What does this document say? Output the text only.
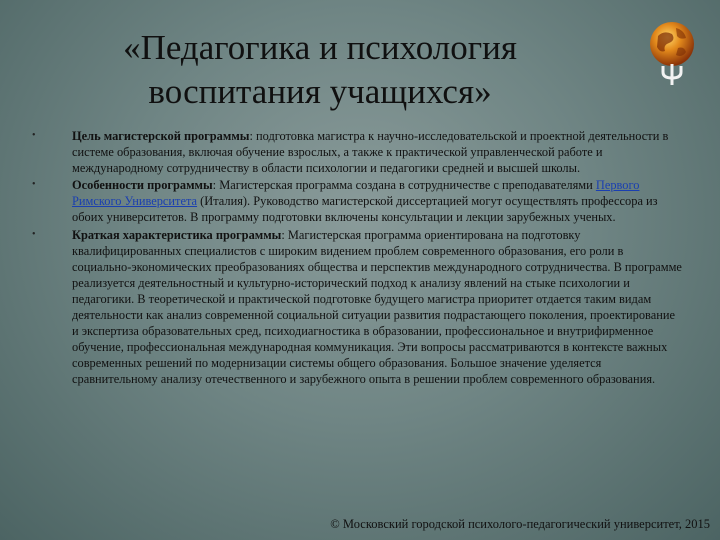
«Педагогика и психология воспитания учащихся»
•	Цель магистерской программы: подготовка магистра к научно-исследовательской и проектной деятельности в системе образования, включая обучение взрослых, а также к практической управленческой работе и международному сотрудничеству в области психологии и педагогики средней и высшей школы.
•	Особенности программы: Магистерская программа создана в сотрудничестве с преподавателями Первого Римского Университета (Италия). Руководство магистерской диссертацией могут осуществлять профессора из обоих университетов. В программу подготовки включены консультации и лекции зарубежных ученых.
•	Краткая характеристика программы: Магистерская программа ориентирована на подготовку квалифицированных специалистов с широким видением проблем современного образования, его роли в социально-экономических преобразованиях общества и перспектив международного сотрудничества. В программе реализуется деятельностный и культурно-исторический подход к анализу явлений на стыке психологии и педагогики. В теоретической и практической подготовке будущего магистра приоритет отдается таким видам деятельности как анализ современной социальной ситуации развития подрастающего поколения, проектирование и экспертиза образовательных сред, психодиагностика в образовании, профессиональное и внутрифирменное обучение, профессиональная международная коммуникация. Эти вопросы рассматриваются в контексте важных современных решений по модернизации системы общего образования. Большое значение уделяется сравнительному анализу отечественного и зарубежного опыта в решении проблем современного образования.
© Московский городской психолого-педагогический университет, 2015
